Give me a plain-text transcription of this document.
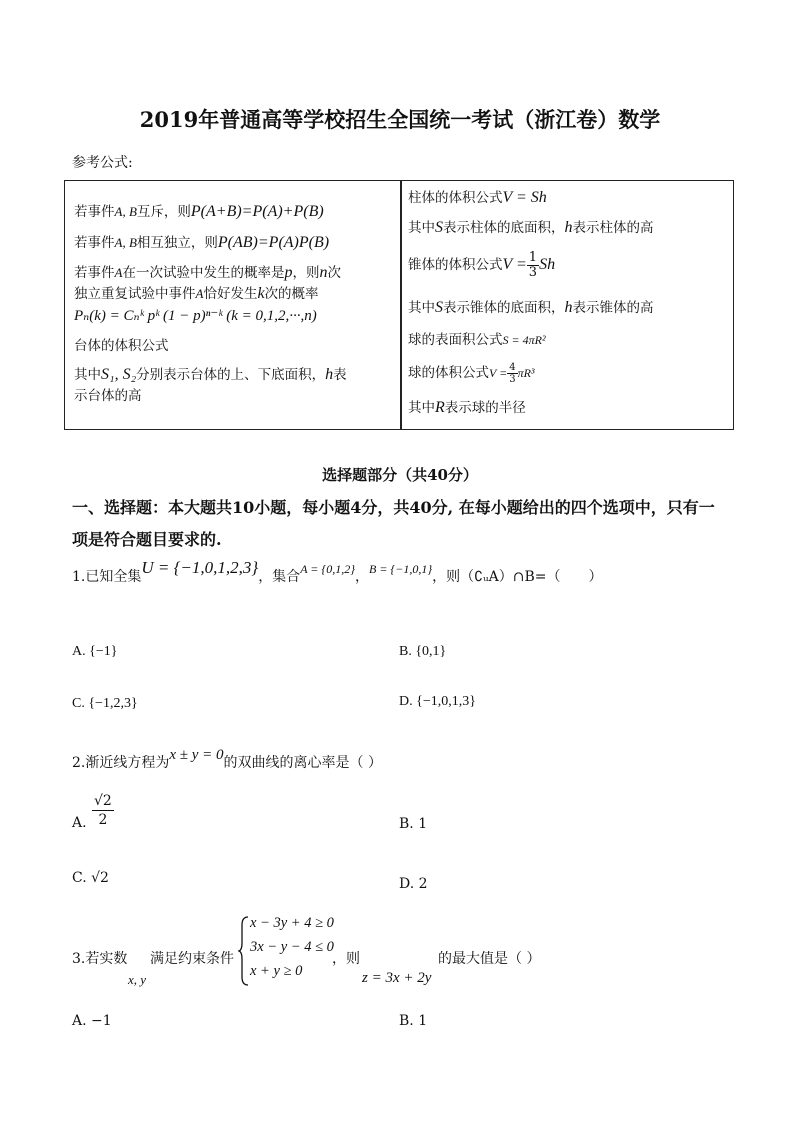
2019年普通高等学校招生全国统一考试（浙江卷）数学
参考公式:
若事件A, B互斥，则P(A+B)=P(A)+P(B)
若事件A, B相互独立，则P(AB)=P(A)P(B)
若事件A在一次试验中发生的概率是p，则n次
独立重复试验中事件A恰好发生k次的概率
Pₙ(k) = Cₙᵏ pᵏ (1 − p)ⁿ⁻ᵏ (k = 0,1,2,···,n)
台体的体积公式
其中S₁, S₂分别表示台体的上、下底面积，h表
示台体的高
柱体的体积公式V = Sh
其中S表示柱体的底面积，h表示柱体的高
锥体的体积公式$V = \frac{1}{3}$ Sh
其中S表示锥体的底面积，h表示锥体的高
球的表面积公式S = 4πR²
球的体积公式$V = \frac{4}{3} \pi R^3$
其中R表示球的半径
选择题部分（共40分）
一、选择题：本大题共10小题，每小题4分，共40分, 在每小题给出的四个选项中，只有一
项是符合题目要求的.
1.已知全集U = {−1,0,1,2,3}，集合A = {0,1,2}，B = {−1,0,1}，则（∁ᵤA）∩B=（　　）
A. {−1}	B. {0,1}
C. {−1,2,3}	D. {−1,0,1,3}
2.渐近线方程为x ± y = 0的双曲线的离心率是（ ）
A. $\frac{√2}{2}$	B. 1
C. √2	D. 2
3.若实数
x, y
满足约束条件
x − 3y + 4 ≥ 0
3x − y − 4 ≤ 0
x + y ≥ 0
，则
z = 3x + 2y
的最大值是（ ）
A. −1	B. 1
